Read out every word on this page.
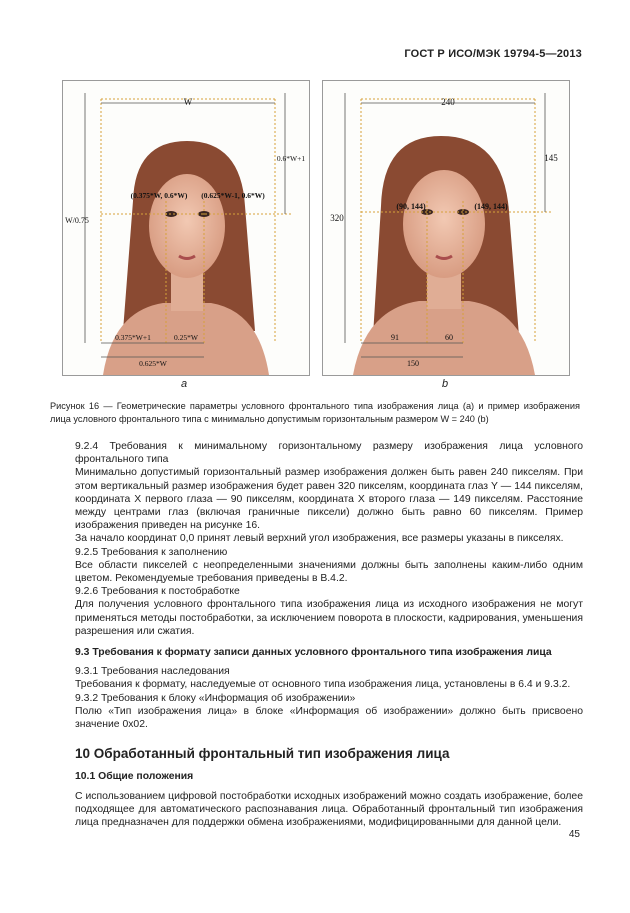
ГОСТ Р ИСО/МЭК 19794-5—2013
W
W/0.75
0.6*W+1
(0.375*W, 0.6*W) (0.625*W-1, 0.6*W)
0.375*W+1	0.25*W
0.625*W
240
320
145
(90, 144)	(149, 144)
91	60
150
a	b
Рисунок 16 — Геометрические параметры условного фронтального типа изображения лица (a) и пример изображения лица условного фронтального типа с минимально допустимым горизонтальным размером W = 240 (b)

9.2.4 Требования к минимальному горизонтальному размеру изображения лица условного фронтального типа

Минимально допустимый горизонтальный размер изображения должен быть равен 240 пикселям. При этом вертикальный размер изображения будет равен 320 пикселям, координата глаз Y — 144 пикселям, координата X первого глаза — 90 пикселям, координата X второго глаза — 149 пикселям. Расстояние между центрами глаз (включая граничные пиксели) должно быть равно 60 пикселям. Пример изображения приведен на рисунке 16.

За начало координат 0,0 принят левый верхний угол изображения, все размеры указаны в пикселях.

9.2.5 Требования к заполнению

Все области пикселей с неопределенными значениями должны быть заполнены каким-либо одним цветом. Рекомендуемые требования приведены в В.4.2.

9.2.6 Требования к постобработке

Для получения условного фронтального типа изображения лица из исходного изображения не могут применяться методы постобработки, за исключением поворота в плоскости, кадрирования, уменьшения разрешения или сжатия.

9.3 Требования к формату записи данных условного фронтального типа изображения лица

9.3.1 Требования наследования

Требования к формату, наследуемые от основного типа изображения лица, установлены в 6.4 и 9.3.2.

9.3.2 Требования к блоку «Информация об изображении»

Полю «Тип изображения лица» в блоке «Информация об изображении» должно быть присвоено значение 0x02.

10 Обработанный фронтальный тип изображения лица

10.1 Общие положения

С использованием цифровой постобработки исходных изображений можно создать изображение, более подходящее для автоматического распознавания лица. Обработанный фронтальный тип изображения лица предназначен для поддержки обмена изображениями, модифицированными для данной цели.

45
